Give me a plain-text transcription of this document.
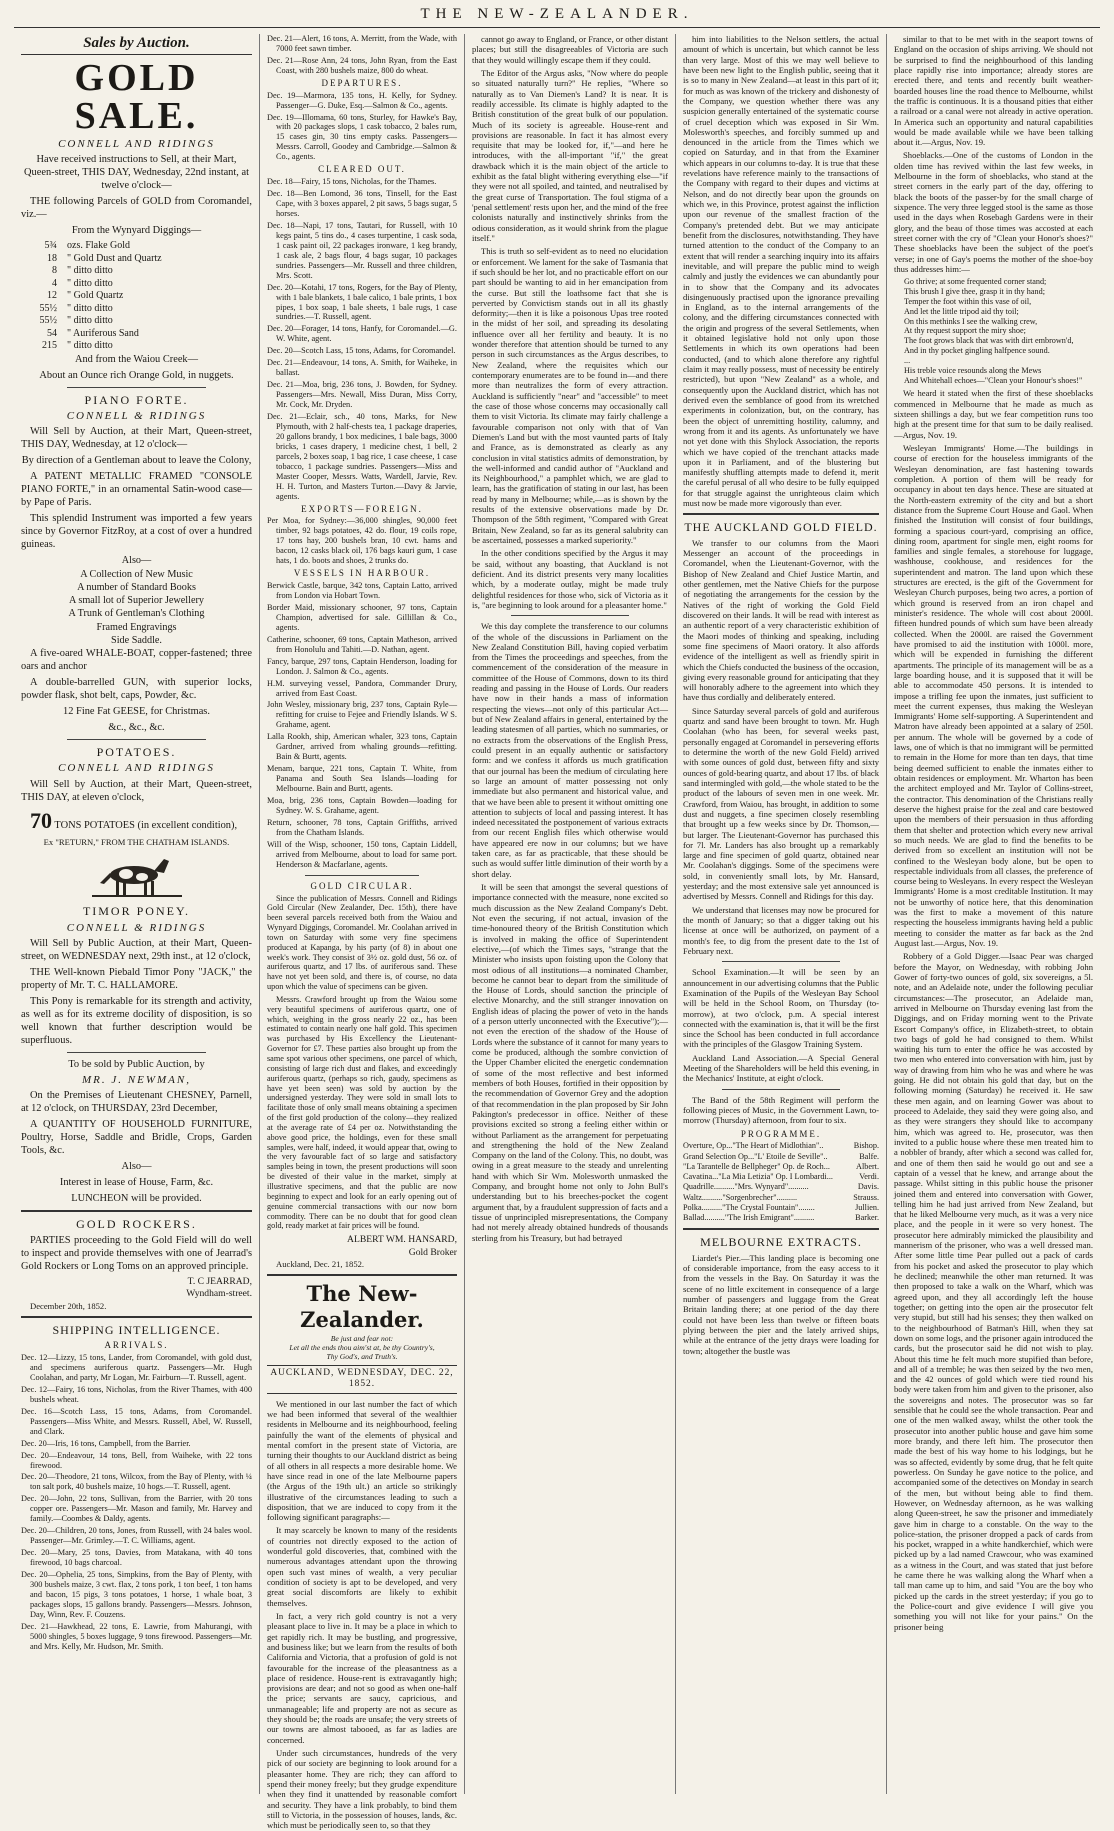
THE NEW-ZEALANDER.
Sales by Auction.
GOLD SALE.
CONNELL AND RIDINGS

Have received instructions to Sell, at their Mart, Queen-street, THIS DAY, Wednesday, 22nd instant, at twelve o'clock—

THE following Parcels of GOLD from Coromandel, viz.—

From the Wynyard Diggings—

5¾	ozs. Flake Gold
18	" Gold Dust and Quartz
8	" ditto ditto
4	" ditto ditto
12	" Gold Quartz
55½	" ditto ditto
55½	" ditto ditto
54	" Auriferous Sand
215	" ditto ditto

And from the Waiou Creek—

About an Ounce rich Orange Gold, in nuggets.

PIANO FORTE.
CONNELL & RIDINGS

Will Sell by Auction, at their Mart, Queen-street, THIS DAY, Wednesday, at 12 o'clock—

By direction of a Gentleman about to leave the Colony,

A PATENT METALLIC FRAMED "CONSOLE PIANO FORTE," in an ornamental Satin-wood case—by Pape of Paris.

This splendid Instrument was imported a few years since by Governor FitzRoy, at a cost of over a hundred guineas.

Also—
A Collection of New Music
A number of Standard Books
A small lot of Superior Jewellery
A Trunk of Gentleman's Clothing
Framed Engravings
Side Saddle.

A five-oared WHALE-BOAT, copper-fastened; three oars and anchor

A double-barrelled GUN, with superior locks, powder flask, shot belt, caps, Powder, &c.

12 Fine Fat GEESE, for Christmas.

&c., &c., &c.

POTATOES.
CONNELL AND RIDINGS

Will Sell by Auction, at their Mart, Queen-street, THIS DAY, at eleven o'clock,

70 TONS POTATOES (in excellent condition),

Ex "RETURN," FROM THE CHATHAM ISLANDS.

TIMOR PONEY.
CONNELL & RIDINGS

Will Sell by Public Auction, at their Mart, Queen-street, on WEDNESDAY next, 29th inst., at 12 o'clock,

THE Well-known Piebald Timor Pony "JACK," the property of Mr. T. C. HALLAMORE.

This Pony is remarkable for its strength and activity, as well as for its extreme docility of disposition, is so well known that further description would be superfluous.

To be sold by Public Auction, by

MR. J. NEWMAN,

On the Premises of Lieutenant CHESNEY, Parnell, at 12 o'clock, on THURSDAY, 23rd December,

A QUANTITY OF HOUSEHOLD FURNITURE, Poultry, Horse, Saddle and Bridle, Crops, Garden Tools, &c.

Also—

Interest in lease of House, Farm, &c.

LUNCHEON will be provided.

GOLD ROCKERS.

PARTIES proceeding to the Gold Field will do well to inspect and provide themselves with one of Jearrad's Gold Rockers or Long Toms on an approved principle.

T. C JEARRAD,
Wyndham-street.

December 20th, 1852.

SHIPPING INTELLIGENCE.
ARRIVALS.

Dec. 12—Lizzy, 15 tons, Lander, from Coromandel, with gold dust, and specimens auriferous quartz. Passengers—Mr. Hugh Coolahan, and party, Mr Logan, Mr. Fairburn—T. Russell, agent.

Dec. 12—Fairy, 16 tons, Nicholas, from the River Thames, with 400 bushels wheat.

Dec. 16—Scotch Lass, 15 tons, Adams, from Coromandel. Passengers—Miss White, and Messrs. Russell, Abel, W. Russell, and Clark.

Dec. 20—Iris, 16 tons, Campbell, from the Barrier.

Dec. 20—Endeavour, 14 tons, Bell, from Waiheke, with 22 tons firewood.

Dec. 20—Theodore, 21 tons, Wilcox, from the Bay of Plenty, with ¼ ton salt pork, 40 bushels maize, 10 hogs.—T. Russell, agent.

Dec. 20—John, 22 tons, Sullivan, from the Barrier, with 20 tons copper ore. Passengers—Mr. Mason and family, Mr. Harvey and family.—Coombes & Daldy, agents.

Dec. 20—Children, 20 tons, Jones, from Russell, with 24 bales wool. Passenger—Mr. Grimley.—T. C. Williams, agent.

Dec. 20—Mary, 25 tons, Davies, from Matakana, with 40 tons firewood, 10 bags charcoal.

Dec. 20—Ophelia, 25 tons, Simpkins, from the Bay of Plenty, with 300 bushels maize, 3 cwt. flax, 2 tons pork, 1 ton beef, 1 ton hams and bacon, 15 pigs, 3 tons potatoes, 1 horse, 1 whale boat, 3 packages slops, 15 gallons brandy. Passengers—Messrs. Johnson, Day, Winn, Rev. F. Couzens.

Dec. 21—Hawkhead, 22 tons, E. Lawrie, from Mahurangi, with 5000 shingles, 5 boxes luggage, 9 tons firewood. Passengers—Mr. and Mrs. Kelly, Mr. Hudson, Mr. Smith.

Dec. 21—Alert, 16 tons, A. Merritt, from the Wade, with 7000 feet sawn timber.

Dec. 21—Rose Ann, 24 tons, John Ryan, from the East Coast, with 280 bushels maize, 800 do wheat.

DEPARTURES.

Dec. 19—Marmora, 135 tons, H. Kelly, for Sydney. Passenger—G. Duke, Esq.—Salmon & Co., agents.

Dec. 19—Illomama, 60 tons, Sturley, for Hawke's Bay, with 20 packages slops, 1 cask tobacco, 2 bales rum, 15 cases gin, 30 tins empty casks. Passengers—Messrs. Carroll, Goodey and Cambridge.—Salmon & Co., agents.

CLEARED OUT.

Dec. 18—Fairy, 15 tons, Nicholas, for the Thames.

Dec. 18—Ben Lomond, 36 tons, Tinsell, for the East Cape, with 3 boxes apparel, 2 pit saws, 5 bags sugar, 5 horses.

Dec. 18—Napi, 17 tons, Tautari, for Russell, with 10 kegs paint, 5 tins do., 4 cases turpentine, 1 cask soda, 1 cask paint oil, 22 packages ironware, 1 keg brandy, 1 cask ale, 2 bags flour, 4 bags sugar, 10 packages sundries. Passengers—Mr. Russell and three children, Mrs. Scott.

Dec. 20—Kotahi, 17 tons, Rogers, for the Bay of Plenty, with 1 bale blankets, 1 bale calico, 1 bale prints, 1 box pipes, 1 box soap, 1 bale sheets, 1 bale rugs, 1 case sundries.—T. Russell, agent.

Dec. 20—Forager, 14 tons, Hanfy, for Coromandel.—G. W. White, agent.

Dec. 20—Scotch Lass, 15 tons, Adams, for Coromandel.

Dec. 21—Endeavour, 14 tons, A. Smith, for Waiheke, in ballast.

Dec. 21—Moa, brig, 236 tons, J. Bowden, for Sydney. Passengers—Mrs. Newall, Miss Duran, Miss Corry, Mr. Cock, Mr. Dryden.

Dec. 21—Eclair, sch., 40 tons, Marks, for New Plymouth, with 2 half-chests tea, 1 package draperies, 20 gallons brandy, 1 box medicines, 1 bale bags, 3000 bricks, 1 cases drapery, 1 medicine chest, 1 bell, 2 parcels, 2 boxes soap, 1 bag rice, 1 case cheese, 1 case tobacco, 1 package sundries. Passengers—Miss and Master Cooper, Messrs. Watts, Wardell, Jarvie, Rev. H. H. Turton, and Masters Turton.—Davy & Jarvie, agents.

EXPORTS—FOREIGN.

Per Moa, for Sydney:—36,000 shingles, 90,000 feet timber, 92 bags potatoes, 42 do. flour, 19 coils rope, 17 tons hay, 200 bushels bran, 10 cwt. hams and bacon, 12 casks black oil, 176 bags kauri gum, 1 case hats, 1 do. boots and shoes, 2 trunks do.

VESSELS IN HARBOUR.

Berwick Castle, barque, 342 tons, Captain Latto, arrived from London via Hobart Town.

Border Maid, missionary schooner, 97 tons, Captain Champion, advertised for sale. Gillillan & Co., agents.

Catherine, schooner, 69 tons, Captain Matheson, arrived from Honolulu and Tahiti.—D. Nathan, agent.

Fancy, barque, 297 tons, Captain Henderson, loading for London. J. Salmon & Co., agents.

H.M. surveying vessel, Pandora, Commander Drury, arrived from East Coast.

John Wesley, missionary brig, 237 tons, Captain Ryle—refitting for cruise to Fejee and Friendly Islands. W S. Grahame, agent.

Lalla Rookh, ship, American whaler, 323 tons, Captain Gardner, arrived from whaling grounds—refitting. Bain & Burtt, agents.

Menam, barque, 221 tons, Captain T. White, from Panama and South Sea Islands—loading for Melbourne. Bain and Burtt, agents.

Moa, brig, 236 tons, Captain Bowden—loading for Sydney. W. S. Grahame, agent.

Return, schooner, 78 tons, Captain Griffiths, arrived from the Chatham Islands.

Will of the Wisp, schooner, 150 tons, Captain Liddell, arrived from Melbourne, about to load for same port. Henderson & Macfarlane, agents.

GOLD CIRCULAR.

Since the publication of Messrs. Connell and Ridings Gold Circular (New Zealander, Dec. 15th), there have been several parcels received both from the Waiou and Wynyard Diggings, Coromandel. Mr. Coolahan arrived in town on Saturday with some very fine specimens produced at Kapanga, by his party (of 8) in about one week's work. They consist of 3½ oz. gold dust, 56 oz. of auriferous quartz, and 17 lbs. of auriferous sand. These have not yet been sold, and there is, of course, no data upon which the value of specimens can be given.

Messrs. Crawford brought up from the Waiou some very beautiful specimens of auriferous quartz, one of which, weighing in the gross nearly 22 oz., has been estimated to contain nearly one half gold. This specimen was purchased by His Excellency the Lieutenant-Governor for £7. These parties also brought up from the same spot various other specimens, one parcel of which, consisting of large rich dust and flakes, and exceedingly auriferous quartz, (perhaps so rich, gaudy, specimens as have yet been seen) was sold by auction by the undersigned yesterday. They were sold in small lots to facilitate those of only small means obtaining a specimen of the first gold production of the colony—they realized at the average rate of £4 per oz. Notwithstanding the above good price, the holdings, even for these small samples, were half, indeed, it would appear that, owing to the very favourable fact of so large and satisfactory samples being in town, the present productions will soon be divested of their value in the market, simply at illustrative specimens, and that the public are now beginning to expect and look for an early opening out of genuine commercial transactions with our now born commodity. There can be no doubt that for good clean gold, ready market at fair prices will be found.

ALBERT WM. HANSARD,
Gold Broker

Auckland, Dec. 21, 1852.

The New-Zealander.
Be just and fear not:
Let all the ends thou aim'st at, be thy Country's,
Thy God's, and Truth's.
AUCKLAND, WEDNESDAY, DEC. 22, 1852.

We mentioned in our last number the fact of which we had been informed that several of the wealthier residents in Melbourne and its neighbourhood, feeling painfully the want of the elements of physical and mental comfort in the present state of Victoria, are turning their thoughts to our Auckland district as being of all others in all respects a more desirable home. We have since read in one of the late Melbourne papers (the Argus of the 19th ult.) an article so strikingly illustrative of the circumstances leading to such a disposition, that we are induced to copy from it the following significant paragraphs:—

It may scarcely be known to many of the residents of countries not directly exposed to the action of wonderful gold discoveries, that, combined with the numerous advantages attendant upon the throwing open such vast mines of wealth, a very peculiar condition of society is apt to be developed, and very great social discomforts are likely to exhibit themselves.

In fact, a very rich gold country is not a very pleasant place to live in. It may be a place in which to get rapidly rich. It may be bustling, and progressive, and business like; but we learn from the results of both California and Victoria, that a profusion of gold is not favourable for the increase of the pleasantness as a place of residence. House-rent is extravagantly high; provisions are dear; and not so good as when one-half the price; servants are saucy, capricious, and unmanageable; life and property are not as secure as they should be; the roads are unsafe; the very streets of our towns are almost tabooed, as far as ladies are concerned.

Under such circumstances, hundreds of the very pick of our society are beginning to look around for a pleasanter home. They are rich; they can afford to spend their money freely; but they grudge expenditure when they find it unattended by reasonable comfort and security. They have a link probably, to bind them still to Victoria, in the possession of houses, lands, &c. which must be periodically seen to, so that they

cannot go away to England, or France, or other distant places; but still the disagreeables of Victoria are such that they would willingly escape them if they could.

The Editor of the Argus asks, "Now where do people so situated naturally turn?" He replies, "Where so naturally as to Van Diemen's Land? It is near. It is readily accessible. Its climate is highly adapted to the British constitution of the great bulk of our population. Much of its society is agreeable. House-rent and provisions are reasonable. In fact it has almost every requisite that may be looked for, if,"—and here he introduces, with the all-important "if," the great drawback which it is the main object of the article to exhibit as the fatal blight withering everything else—"if they were not all spoiled, and tainted, and neutralised by the great curse of Transportation. The foul stigma of a 'penal settlement' rests upon her, and the mind of the free colonists naturally and instinctively shrinks from the odious consideration, as it would shrink from the plague itself."

This is truth so self-evident as to need no elucidation or enforcement. We lament for the sake of Tasmania that if such should be her lot, and no practicable effort on our part should be wanting to aid in her emancipation from the curse. But still the loathsome fact that she is perverted by Convictism stands out in all its ghastly deformity;—then it is like a poisonous Upas tree rooted in the midst of her soil, and spreading its desolating influence over all her fertility and beauty. It is no wonder therefore that attention should be turned to any person in such circumstances as the Argus describes, to New Zealand, where the requisites which our contemporary enumerates are to be found in—and there more than neutralizes the form of every attraction. Auckland is sufficiently "near" and "accessible" to meet the case of those whose concerns may occasionally call them to visit Victoria. Its climate may fairly challenge a favourable comparison not only with that of Van Diemen's Land but with the most vaunted parts of Italy and France, as is demonstrated as clearly as any conclusion in vital statistics admits of demonstration, by the well-informed and candid author of "Auckland and its Neighbourhood," a pamphlet which, we are glad to learn, has the gratification of stating in our last, has been read by many in Melbourne; while,—as is shown by the results of the extensive observations made by Dr. Thompson of the 58th regiment, "Compared with Great Britain, New Zealand, so far as its general salubrity can be ascertained, possesses a marked superiority."

In the other conditions specified by the Argus it may be said, without any boasting, that Auckland is not deficient. And its district presents very many localities which, by a moderate outlay, might be made truly delightful residences for those who, sick of Victoria as it is, "are beginning to look around for a pleasanter home."

We this day complete the transference to our columns of the whole of the discussions in Parliament on the New Zealand Constitution Bill, having copied verbatim from the Times the proceedings and speeches, from the commencement of the consideration of the measure in committee of the House of Commons, down to its third reading and passing in the House of Lords. Our readers have now in their hands a mass of information respecting the views—not only of this particular Act—but of New Zealand affairs in general, entertained by the leading statesmen of all parties, which no summaries, or no extracts from the observations of the English Press, could present in an equally authentic or satisfactory form: and we confess it affords us much gratification that our journal has been the medium of circulating here so large an amount of matter possessing not only immediate but also permanent and historical value, and that we have been able to present it without omitting one attention to subjects of local and passing interest. It has indeed necessitated the postponement of various extracts from our recent English files which otherwise would have appeared ere now in our columns; but we have taken care, as far as practicable, that these should be such as would suffer little diminution of their worth by a short delay.

It will be seen that amongst the several questions of importance connected with the measure, none excited so much discussion as the New Zealand Company's Debt. Not even the securing, if not actual, invasion of the time-honoured theory of the British Constitution which is involved in making the office of Superintendent elective,—(of which the Times says, "strange that the Minister who insists upon foisting upon the Colony that most odious of all institutions—a nominated Chamber, become he cannot bear to depart from the similitude of the House of Lords, should sanction the principle of elective Monarchy, and the still stranger innovation on English ideas of placing the power of veto in the hands of a person utterly unconnected with the Executive");—not even the erection of the shadow of the House of Lords where the substance of it cannot for many years to come be produced, although the sombre conviction of the Upper Chamber elicited the energetic condemnation of some of the most reflective and best informed members of both Houses, fortified in their opposition by the recommendation of Governor Grey and the adoption of that recommendation in the plan proposed by Sir John Pakington's predecessor in office. Neither of these provisions excited so strong a feeling either within or without Parliament as the arrangement for perpetuating and strengthening the hold of the New Zealand Company on the land of the Colony. This, no doubt, was owing in a great measure to the steady and unrelenting hand with which Sir Wm. Molesworth unmasked the Company, and brought home not only to John Bull's understanding but to his breeches-pocket the cogent argument that, by a fraudulent suppression of facts and a tissue of unprincipled misrepresentations, the Company had not merely already obtained hundreds of thousands sterling from his Treasury, but had betrayed

him into liabilities to the Nelson settlers, the actual amount of which is uncertain, but which cannot be less than very large. Most of this we may well believe to have been new light to the English public, seeing that it is so to many in New Zealand—at least in this part of it; for much as was known of the trickery and dishonesty of the Company, we question whether there was any suspicion generally entertained of the systematic course of cruel deception which was exposed in Sir Wm. Molesworth's speeches, and forcibly summed up and denounced in the article from the Times which we copied on Saturday, and in that from the Examiner which appears in our columns to-day. It is true that these revelations have reference mainly to the transactions of the Company with regard to their dupes and victims at Nelson, and do not directly bear upon the grounds on which we, in this Province, protest against the infliction upon our revenue of the smallest fraction of the Company's pretended debt. But we may anticipate benefit from the disclosures, notwithstanding. They have turned attention to the conduct of the Company to an extent that will render a searching inquiry into its affairs inevitable, and will prepare the public mind to weigh calmly and justly the evidences we can abundantly pour in to show that the Company and its advocates disingenuously practised upon the ignorance prevailing in England, as to the internal arrangements of the colony, and the differing circumstances connected with the origin and progress of the several Settlements, when it obtained legislative hold not only upon those Settlements in which its own operations had been conducted, (and to which alone therefore any rightful claim it may really possess, must of necessity be entirely restricted), but upon "New Zealand" as a whole, and consequently upon the Auckland district, which has not derived even the semblance of good from its wretched experiments in colonization, but, on the contrary, has been the object of unremitting hostility, calumny, and wrong from it and its agents. As unfortunately we have not yet done with this Shylock Association, the reports which we have copied of the trenchant attacks made upon it in Parliament, and of the blustering but manifestly shuffling attempts made to defend it, merit the careful perusal of all who desire to be fully equipped for that struggle against the unrighteous claim which must now be made more vigorously than ever.

THE AUCKLAND GOLD FIELD.

We transfer to our columns from the Maori Messenger an account of the proceedings in Coromandel, when the Lieutenant-Governor, with the Bishop of New Zealand and Chief Justice Martin, and other gentlemen, met the Native Chiefs for the purpose of negotiating the arrangements for the cession by the Natives of the right of working the Gold Field discovered on their lands. It will be read with interest as an authentic report of a very characteristic exhibition of the Maori modes of thinking and speaking, including some fine specimens of Maori oratory. It also affords evidence of the intelligent as well as friendly spirit in which the Chiefs conducted the business of the occasion, giving every reasonable ground for anticipating that they will honorably adhere to the agreement into which they have thus cordially and deliberately entered.

Since Saturday several parcels of gold and auriferous quartz and sand have been brought to town. Mr. Hugh Coolahan (who has been, for several weeks past, personally engaged at Coromandel in persevering efforts to determine the worth of the new Gold Field) arrived with some ounces of gold dust, between fifty and sixty ounces of gold-bearing quartz, and about 17 lbs. of black sand intermingled with gold,—the whole stated to be the product of the labours of seven men in one week. Mr. Crawford, from Waiou, has brought, in addition to some dust and nuggets, a fine specimen closely resembling that brought up a few weeks since by Dr. Thomson,—but larger. The Lieutenant-Governor has purchased this for 7l. Mr. Landers has also brought up a remarkably large and fine specimen of gold quartz, obtained near Mr. Coolahan's diggings. Some of the specimens were sold, in conveniently small lots, by Mr. Hansard, yesterday; and the most extensive sale yet announced is advertised by Messrs. Connell and Ridings for this day.

We understand that licenses may now be procured for the month of January; so that a digger taking out his license at once will be authorized, on payment of a month's fee, to dig from the present date to the 1st of February next.

School Examination.—It will be seen by an announcement in our advertising columns that the Public Examination of the Pupils of the Wesleyan Bay School will be held in the School Room, on Thursday (to-morrow), at two o'clock, p.m. A special interest connected with the examination is, that it will be the first since the School has been conducted in full accordance with the principles of the Glasgow Training System.

Auckland Land Association.—A Special General Meeting of the Shareholders will be held this evening, in the Mechanics' Institute, at eight o'clock.

The Band of the 58th Regiment will perform the following pieces of Music, in the Government Lawn, to-morrow (Thursday) afternoon, from four to six.

PROGRAMME.
Overture, Op..."The Heart of Midlothian"..	Bishop.
Grand Selection Op..."L' Etoile de Seville"..	Balfe.
"La Tarantelle de Bellpheger" Op. de Roch...	Albert.
Cavatina..."La Mia Letizia" Op. I Lombardi...	Verdi.
Quadrille.........."Mrs. Wynyard"..........	Davis.
Waltz.........."Sorgenbrecher"..........	Strauss.
Polka.........."The Crystal Fountain"........	Jullien.
Ballad.........."The Irish Emigrant"..........	Barker.
MELBOURNE EXTRACTS.

Liardet's Pier.—This landing place is becoming one of considerable importance, from the easy access to it from the vessels in the Bay. On Saturday it was the scene of no little excitement in consequence of a large number of passengers and luggage from the Great Britain landing there; at one period of the day there could not have been less than twelve or fifteen boats plying between the pier and the lately arrived ships, while at the entrance of the jetty drays were loading for town; altogether the bustle was

similar to that to be met with in the seaport towns of England on the occasion of ships arriving. We should not be surprised to find the neighbourhood of this landing place rapidly rise into importance; already stores are erected there, and tents and recently built weather-boarded houses line the road thence to Melbourne, whilst the traffic is continuous. It is a thousand pities that either a railroad or a canal were not already in active operation. In America such an opportunity and natural capabilities would be made available while we have been talking about it.—Argus, Nov. 19.

Shoeblacks.—One of the customs of London in the olden time has revived within the last few weeks, in Melbourne in the form of shoeblacks, who stand at the street corners in the early part of the day, offering to black the boots of the passer-by for the small charge of sixpence. The very three legged stool is the same as those used in the days when Rosebagh Gardens were in their glory, and the beau of those times was accosted at each street corner with the cry of "Clean your Honor's shoes?" These shoeblacks have been the subject of the poet's verse; in one of Gay's poems the mother of the shoe-boy thus addresses him:—

Go thrive; at some frequented corner stand;
This brush I give thee, grasp it in thy hand;
Temper the foot within this vase of oil,
And let the little tripod aid thy toil;
On this methinks I see the walking crew,
At thy request support the miry shoe;
The foot grows black that was with dirt embrown'd,
And in thy pocket gingling halfpence sound.
...
His treble voice resounds along the Mews
And Whitehall echoes—"Clean your Honour's shoes!"

We heard it stated when the first of these shoeblacks commenced in Melbourne that he made as much as sixteen shillings a day, but we fear competition runs too high at the present time for that sum to be daily realised.—Argus, Nov. 19.

Wesleyan Immigrants' Home.—The buildings in course of erection for the houseless immigrants of the Wesleyan denomination, are fast hastening towards completion. A portion of them will be ready for occupancy in about ten days hence. These are situated at the North-eastern extremity of the city and but a short distance from the Supreme Court House and Gaol. When finished the Institution will consist of four buildings, forming a spacious court-yard, comprising an office, dining room, apartment for single men, eight rooms for families and single females, a storehouse for luggage, washhouse, cookhouse, and residences for the superintendent and matron. The land upon which these structures are erected, is the gift of the Government for Wesleyan Church purposes, being two acres, a portion of which ground is reserved from an iron chapel and minister's residence. The whole will cost about 2000l. fifteen hundred pounds of which sum have been already collected. When the 2000l. are raised the Government have promised to aid the institution with 1000l. more, which will be expended in furnishing the different apartments. The principle of its management will be as a large boarding house, and it is supposed that it will be able to accommodate 450 persons. It is intended to impose a trifling fee upon the inmates, just sufficient to meet the current expenses, thus making the Wesleyan Immigrants' Home self-supporting. A Superintendent and Matron have already been appointed at a salary of 250l. per annum. The whole will be governed by a code of laws, one of which is that no immigrant will be permitted to remain in the Home for more than ten days, that time being deemed sufficient to enable the inmates either to obtain residences or employment. Mr. Wharton has been the architect employed and Mr. Taylor of Collins-street, the contractor. This denomination of the Christians really deserve the highest praise for the zeal and care bestowed upon the members of their persuasion in thus affording them that shelter and protection which every new arrival so much needs. We are glad to find the benefits to be derived from so excellent an institution will not be confined to the Wesleyan body alone, but be open to respectable individuals from all classes, the preference of course being to Wesleyans. In every respect the Wesleyan Immigrants' Home is a most creditable Institution. It may not be unworthy of notice here, that this denomination was the first to make a movement of this nature respecting the houseless immigrants having held a public meeting to consider the matter as far back as the 2nd August last.—Argus, Nov. 19.

Robbery of a Gold Digger.—Isaac Pear was charged before the Mayor, on Wednesday, with robbing John Gower of forty-two ounces of gold, six sovereigns, a 5l. note, and an Adelaide note, under the following peculiar circumstances:—The prosecutor, an Adelaide man, arrived in Melbourne on Thursday evening last from the Diggings, and on Friday morning went to the Private Escort Company's office, in Elizabeth-street, to obtain two bags of gold he had consigned to them. Whilst waiting his turn to enter the office he was accosted by two men who entered into conversation with him, just by way of drawing from him who he was and where he was going. He did not obtain his gold that day, but on the following morning (Saturday) he received it. He saw these men again, and on learning Gower was about to proceed to Adelaide, they said they were going also, and as they were strangers they should like to accompany him, which was agreed to. He, prosecutor, was then invited to a public house where these men treated him to a nobbler of brandy, after which a second was called for, and one of them then said he would go out and see a captain of a vessel that he knew, and arrange about the passage. Whilst sitting in this public house the prisoner joined them and entered into conversation with Gower, telling him he had just arrived from New Zealand, but that he liked Melbourne very much, as it was a very nice place, and the people in it were so very honest. The prosecutor here admirably mimicked the plausibility and mannerism of the prisoner, who was a well dressed man. After some little time Pear pulled out a pack of cards from his pocket and asked the prosecutor to play which he declined; meanwhile the other man returned. It was then proposed to take a walk on the Wharf, which was agreed upon, and they all accordingly left the house together; on getting into the open air the prosecutor felt very stupid, but still had his senses; they then walked on to the neighbourhood of Batman's Hill, when they sat down on some logs, and the prisoner again introduced the cards, but the prosecutor said he did not wish to play. About this time he felt much more stupified than before, and all of a tremble; he was then seized by the two men, and the 42 ounces of gold which were tied round his body were taken from him and given to the prisoner, also the sovereigns and notes. The prosecutor was so far sensible that he could see the whole transaction. Pear and one of the men walked away, whilst the other took the prosecutor into another public house and gave him some more brandy, and there left him. The prosecutor then made the best of his way home to his lodgings, but he was so affected, evidently by some drug, that he felt quite powerless. On Sunday he gave notice to the police, and accompanied some of the detectives on Monday in search of the men, but without being able to find them. However, on Wednesday afternoon, as he was walking along Queen-street, he saw the prisoner and immediately gave him in charge to a constable. On the way to the police-station, the prisoner dropped a pack of cards from his pocket, wrapped in a white handkerchief, which were picked up by a lad named Crawcour, who was examined as a witness in the Court, and was stated that just before he came there he was walking along the Wharf when a tall man came up to him, and said "You are the boy who picked up the cards in the street yesterday; if you go to the Police-court and give evidence I will give you something you will not like for your pains." On the prisoner being
